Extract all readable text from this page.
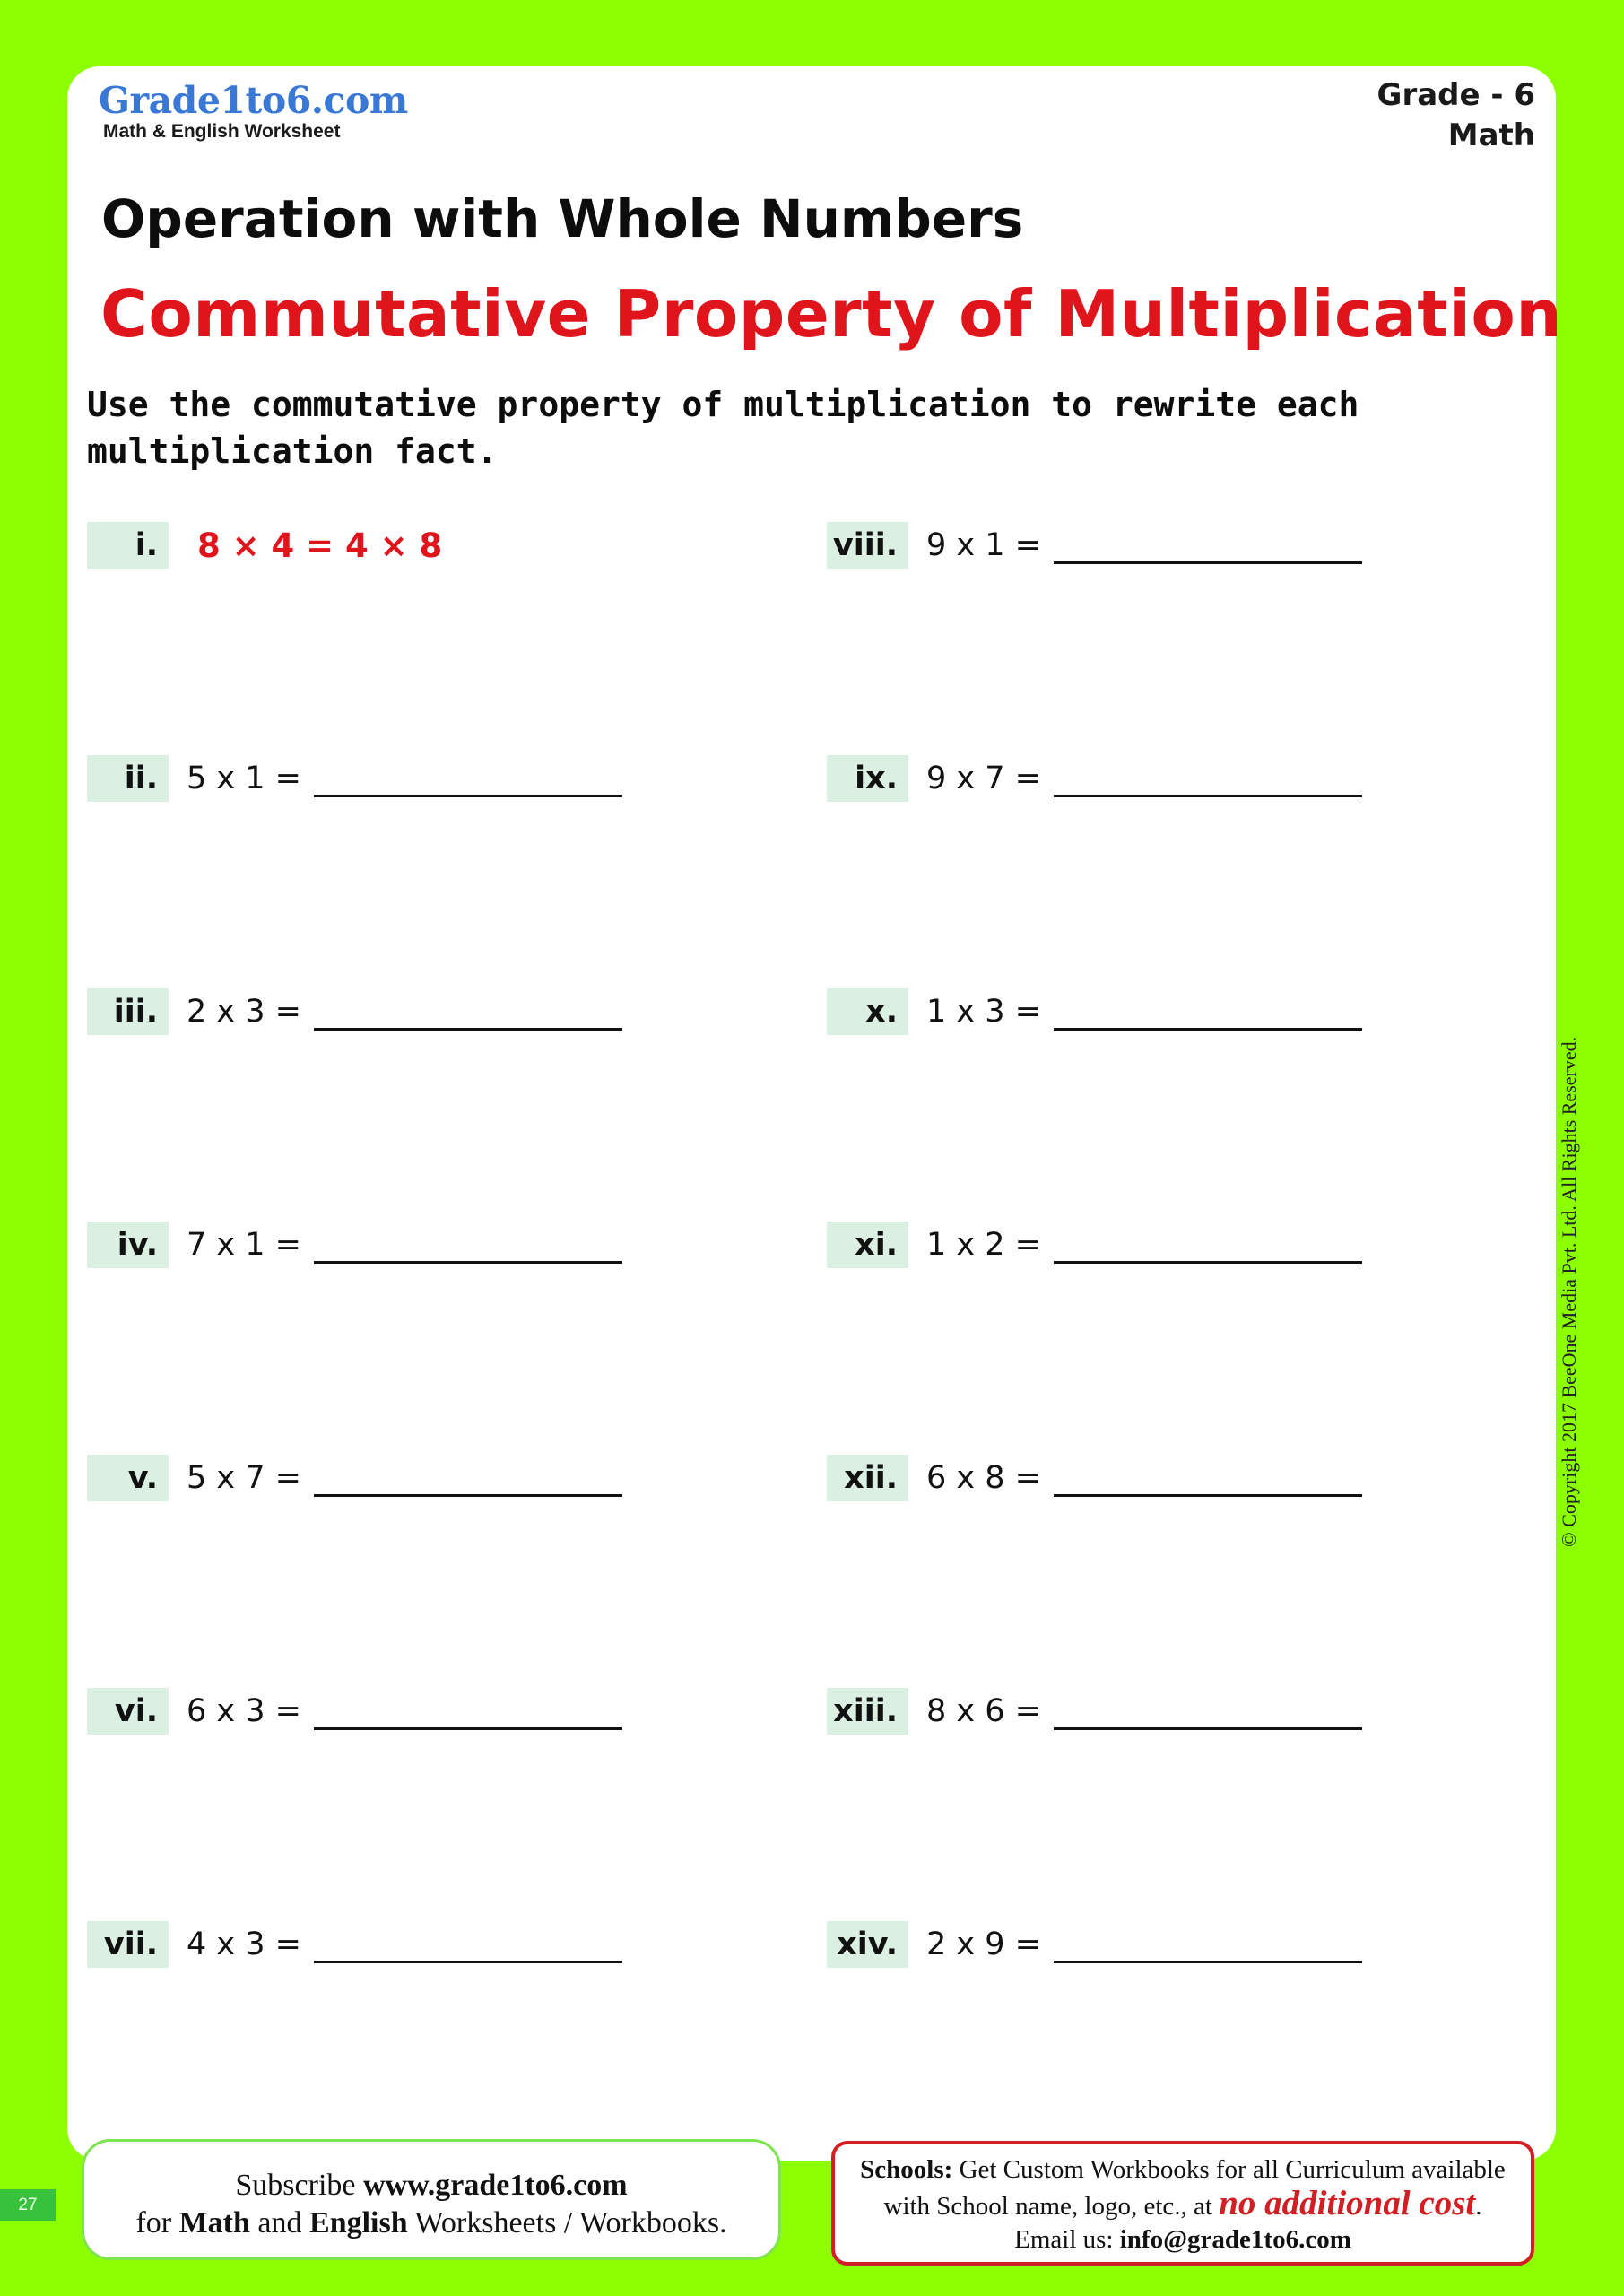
Grade1to6.com
Math & English Worksheet
Grade - 6
Math
Operation with Whole Numbers
Commutative Property of Multiplication

Use the commutative property of multiplication to rewrite each multiplication fact.

i.	8 × 4 = 4 × 8
ii. 5 x 1 =
iii. 2 x 3 =
iv. 7 x 1 =
v. 5 x 7 =
vi. 6 x 3 =
vii. 4 x 3 =
viii. 9 x 1 =
ix. 9 x 7 =
x. 1 x 3 =
xi. 1 x 2 =
xii. 6 x 8 =
xiii. 8 x 6 =
xiv. 2 x 9 =
© Copyright 2017 BeeOne Media Pvt. Ltd. All Rights Reserved.
27
Subscribe www.grade1to6.com
for Math and English Worksheets / Workbooks.
Schools: Get Custom Workbooks for all Curriculum available
with School name, logo, etc., at no additional cost.
Email us: info@grade1to6.com
